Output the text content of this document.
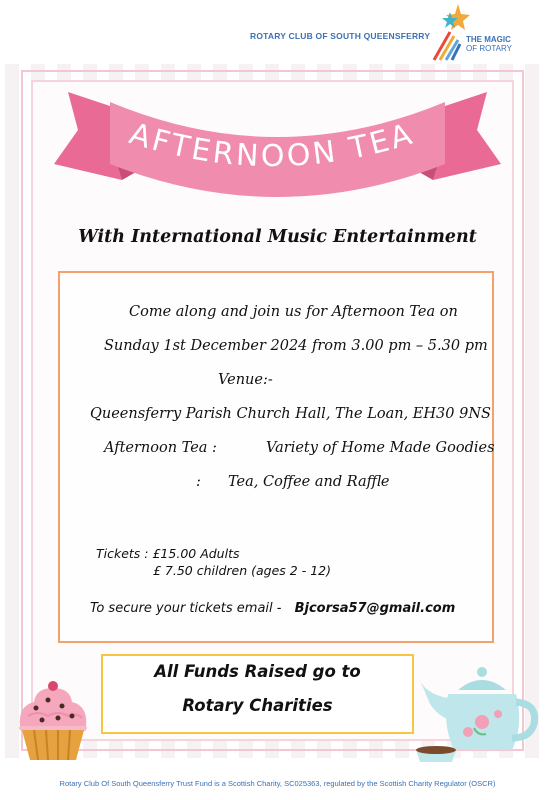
ROTARY CLUB OF SOUTH QUEENSFERRY	THE MAGIC
OF ROTARY
AFTERNOON TEA
With International Music Entertainment
Come along and join us for Afternoon Tea on
Sunday 1st December 2024 from 3.00 pm – 5.30 pm
Venue:-
Queensferry Parish Church Hall, The Loan, EH30 9NS
Afternoon Tea :	Variety of Home Made Goodies
: Tea, Coffee and Raffle
Tickets : £15.00 Adults
£ 7.50 children (ages 2 - 12)
To secure your tickets email - Bjcorsa57@gmail.com
All Funds Raised go to
Rotary Charities
Rotary Club Of South Queensferry Trust Fund is a Scottish Charity, SC025363, regulated by the Scottish Charity Regulator (OSCR)
